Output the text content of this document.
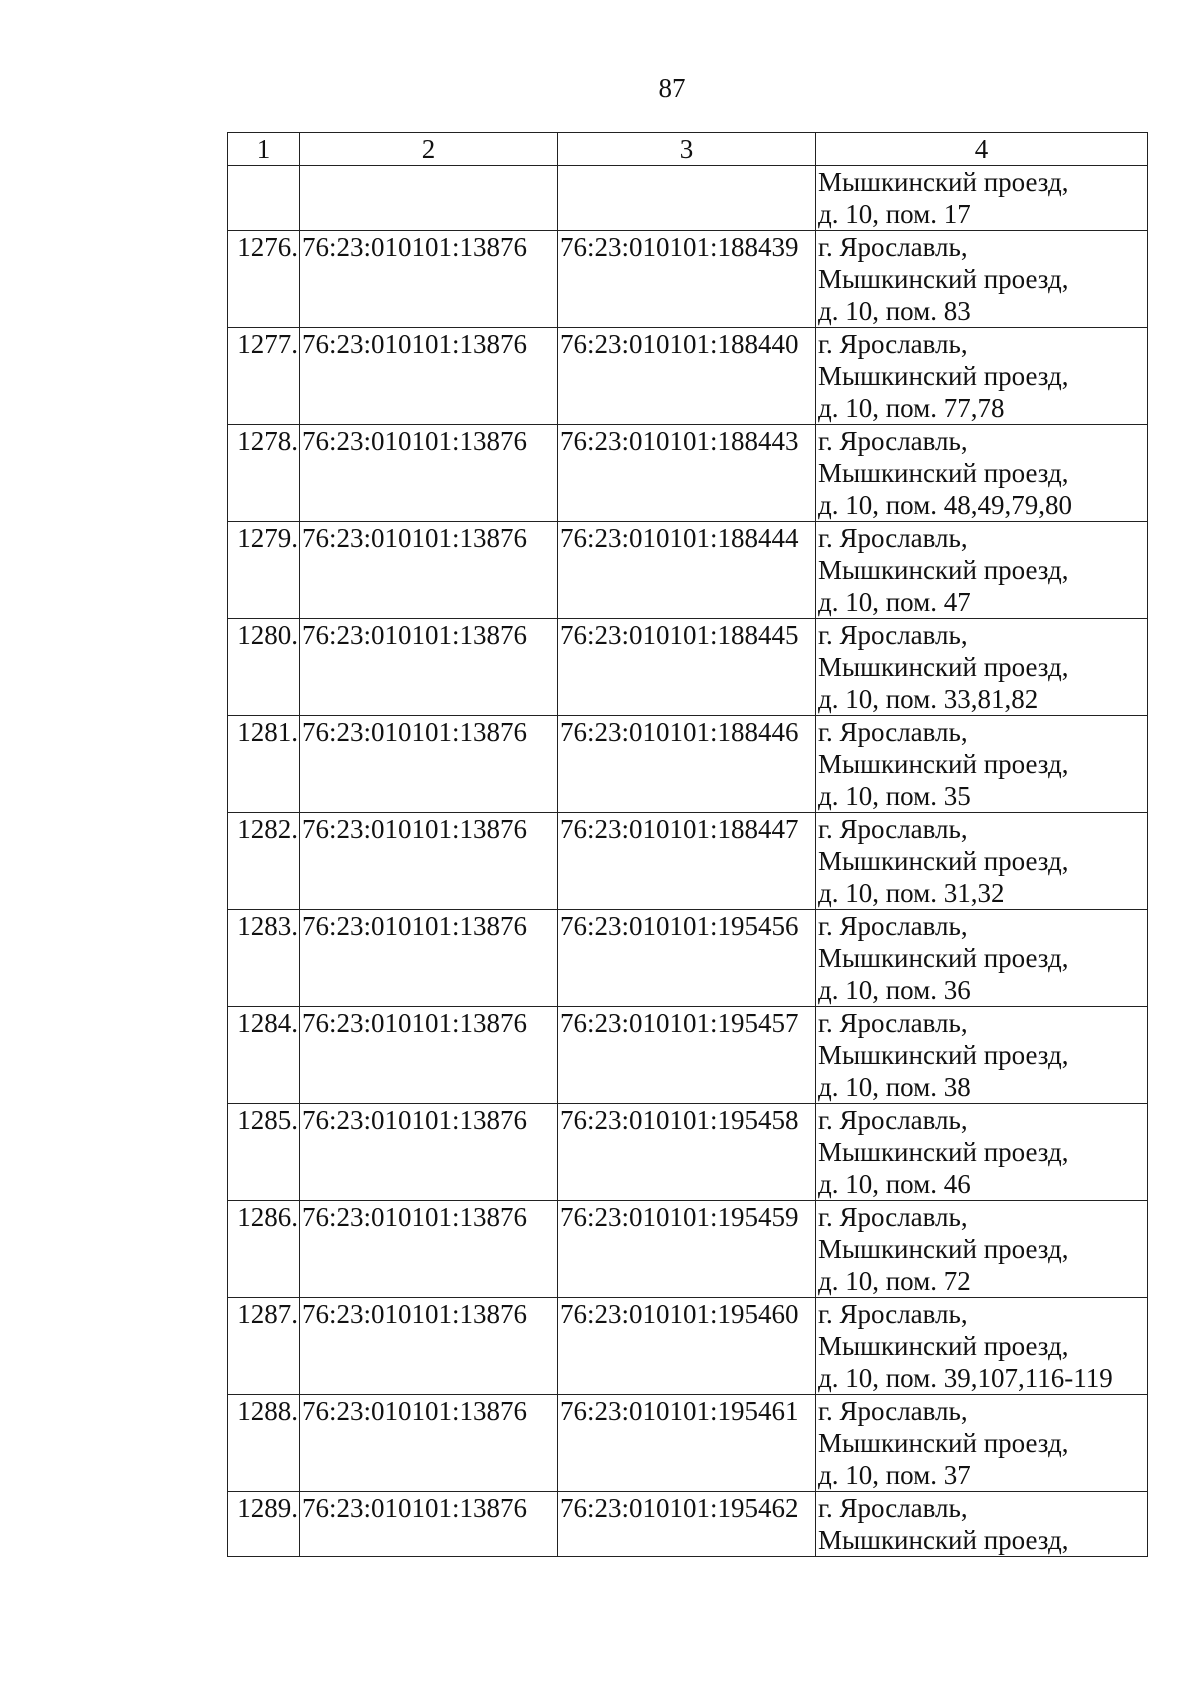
87
1	2	3	4

			Мышкинский проезд,
д. 10, пом. 17

1276.	76:23:010101:13876	76:23:010101:188439	г. Ярославль,
Мышкинский проезд,
д. 10, пом. 83

1277.	76:23:010101:13876	76:23:010101:188440	г. Ярославль,
Мышкинский проезд,
д. 10, пом. 77,78

1278.	76:23:010101:13876	76:23:010101:188443	г. Ярославль,
Мышкинский проезд,
д. 10, пом. 48,49,79,80

1279.	76:23:010101:13876	76:23:010101:188444	г. Ярославль,
Мышкинский проезд,
д. 10, пом. 47

1280.	76:23:010101:13876	76:23:010101:188445	г. Ярославль,
Мышкинский проезд,
д. 10, пом. 33,81,82

1281.	76:23:010101:13876	76:23:010101:188446	г. Ярославль,
Мышкинский проезд,
д. 10, пом. 35

1282.	76:23:010101:13876	76:23:010101:188447	г. Ярославль,
Мышкинский проезд,
д. 10, пом. 31,32

1283.	76:23:010101:13876	76:23:010101:195456	г. Ярославль,
Мышкинский проезд,
д. 10, пом. 36

1284.	76:23:010101:13876	76:23:010101:195457	г. Ярославль,
Мышкинский проезд,
д. 10, пом. 38

1285.	76:23:010101:13876	76:23:010101:195458	г. Ярославль,
Мышкинский проезд,
д. 10, пом. 46

1286.	76:23:010101:13876	76:23:010101:195459	г. Ярославль,
Мышкинский проезд,
д. 10, пом. 72

1287.	76:23:010101:13876	76:23:010101:195460	г. Ярославль,
Мышкинский проезд,
д. 10, пом. 39,107,116-119

1288.	76:23:010101:13876	76:23:010101:195461	г. Ярославль,
Мышкинский проезд,
д. 10, пом. 37

1289.	76:23:010101:13876	76:23:010101:195462	г. Ярославль,
Мышкинский проезд,
